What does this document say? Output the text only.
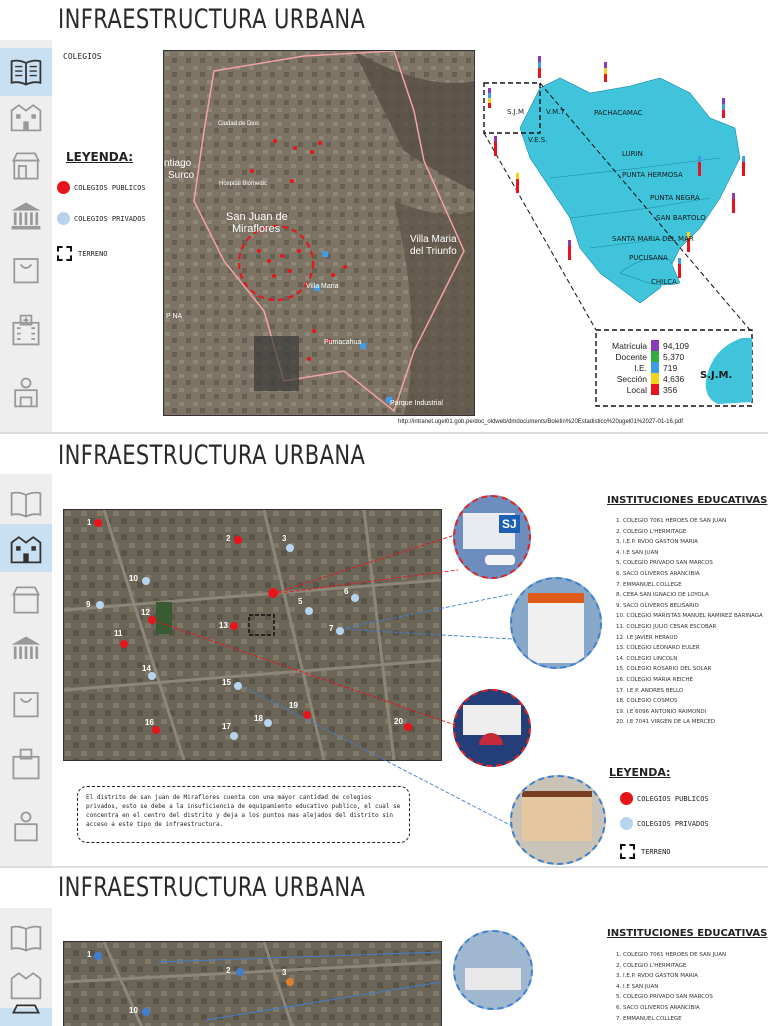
INFRAESTRUCTURA URBANA
COLEGIOS
LEYENDA:
COLEGIOS PUBLICOS
COLEGIOS PRIVADOS
TERRENO
Ciudad de Dios
ntiago
Surco
Hospital Biomedic
San Juan de
Miraflores
Villa Maria
del Triunfo
Villa Maria
P NA
Pumacahua
Parque Industrial
S.J.M	V.M.T	PACHACAMAC
V.E.S.
LURIN
PUNTA HERMOSA
PUNTA NEGRA
SAN BARTOLO
SANTA MARIA DEL MAR
PUCUSANA
CHILCA
Matrícula 94,109
Docente 5,370
I.E. 719
Sección 4,636
Local 356
S.J.M.
http://intranet.ugel01.gob.pe/doc_oldweb/dmdocuments/Boletin%20Estadistico%20ugel01%2027-01-16.pdf
INFRAESTRUCTURA URBANA
1
2	3
5
6
7
9
10
11
12
13
14
15
16	17
18
19
20
SJ
INSTITUCIONES EDUCATIVAS
1. COLEGIO 7061 HEROES DE SAN JUAN
2. COLEGIO L'HERMITAGE
3. I.E.P. RVDO GASTON MARIA
4. I.E SAN JUAN
5. COLEGIO PRIVADO SAN MARCOS
6. SACO OLIVEROS ARANCIBIA
7. EMMANUEL COLLEGE
8. CEBA SAN IGNACIO DE LOYOLA
9. SACO OLIVEROS BELISARIO
10. COLEGIO MARISTAS MANUEL RAMIREZ BARINAGA
11. COLEGIO JULIO CESAR ESCOBAR
12. I.E JAVIER HERAUD
13. COLEGIO LEONARD EULER
14. COLEGIO LINCOLN
15. COLEGIO ROSARIO DEL SOLAR
16. COLEGIO MARIA REICHE
17. I.E.P. ANDRES BELLO
18. COLEGIO COSMOS
19. I.E 6096 ANTONIO RAIMONDI
20. I.E 7041 VIRGEN DE LA MERCED
LEYENDA:
COLEGIOS PUBLICOS
COLEGIOS PRIVADOS
TERRENO
El distrito de san juan de Miraflores cuenta con una mayor cantidad de colegios privados, esto se debe a la insuficiencia de equipamiento educativo publico, el cual se concentra en el centro del distrito y deja a los puntos mas alejados del distrito sin acceso a este tipo de infraestructura.
INFRAESTRUCTURA URBANA
1
2	3
10
INSTITUCIONES EDUCATIVAS
1. COLEGIO 7061 HEROES DE SAN JUAN
2. COLEGIO L'HERMITAGE
3. I.E.P. RVDO GASTON MARIA
4. I.E SAN JUAN
5. COLEGIO PRIVADO SAN MARCOS
6. SACO OLIVEROS ARANCIBIA
7. EMMANUEL COLLEGE
